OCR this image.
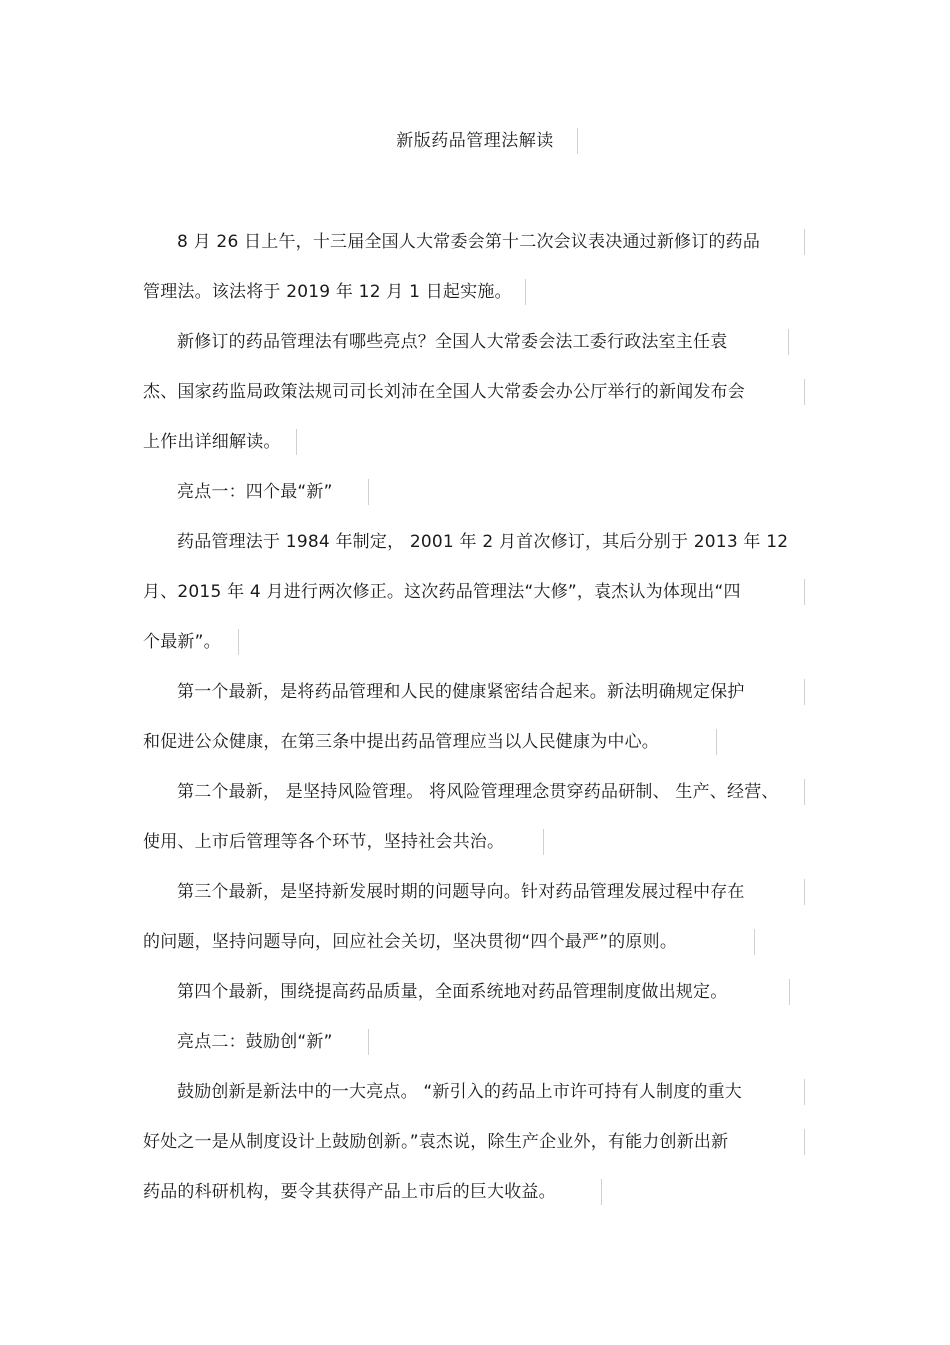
新版药品管理法解读
8 月 26 日上午，十三届全国人大常委会第十二次会议表决通过新修订的药品
管理法。该法将于 2019 年 12 月 1 日起实施。
新修订的药品管理法有哪些亮点？全国人大常委会法工委行政法室主任袁
杰、国家药监局政策法规司司长刘沛在全国人大常委会办公厅举行的新闻发布会
上作出详细解读。
亮点一：四个最“新”
药品管理法于 1984 年制定， 2001 年 2 月首次修订，其后分别于 2013 年 12
月、2015 年 4 月进行两次修正。这次药品管理法“大修”，袁杰认为体现出“四
个最新”。
第一个最新，是将药品管理和人民的健康紧密结合起来。新法明确规定保护
和促进公众健康，在第三条中提出药品管理应当以人民健康为中心。
第二个最新， 是坚持风险管理。 将风险管理理念贯穿药品研制、 生产、经营、
使用、上市后管理等各个环节，坚持社会共治。
第三个最新，是坚持新发展时期的问题导向。针对药品管理发展过程中存在
的问题，坚持问题导向，回应社会关切，坚决贯彻“四个最严”的原则。
第四个最新，围绕提高药品质量，全面系统地对药品管理制度做出规定。
亮点二：鼓励创“新”
鼓励创新是新法中的一大亮点。 “新引入的药品上市许可持有人制度的重大
好处之一是从制度设计上鼓励创新。”袁杰说，除生产企业外，有能力创新出新
药品的科研机构，要令其获得产品上市后的巨大收益。
